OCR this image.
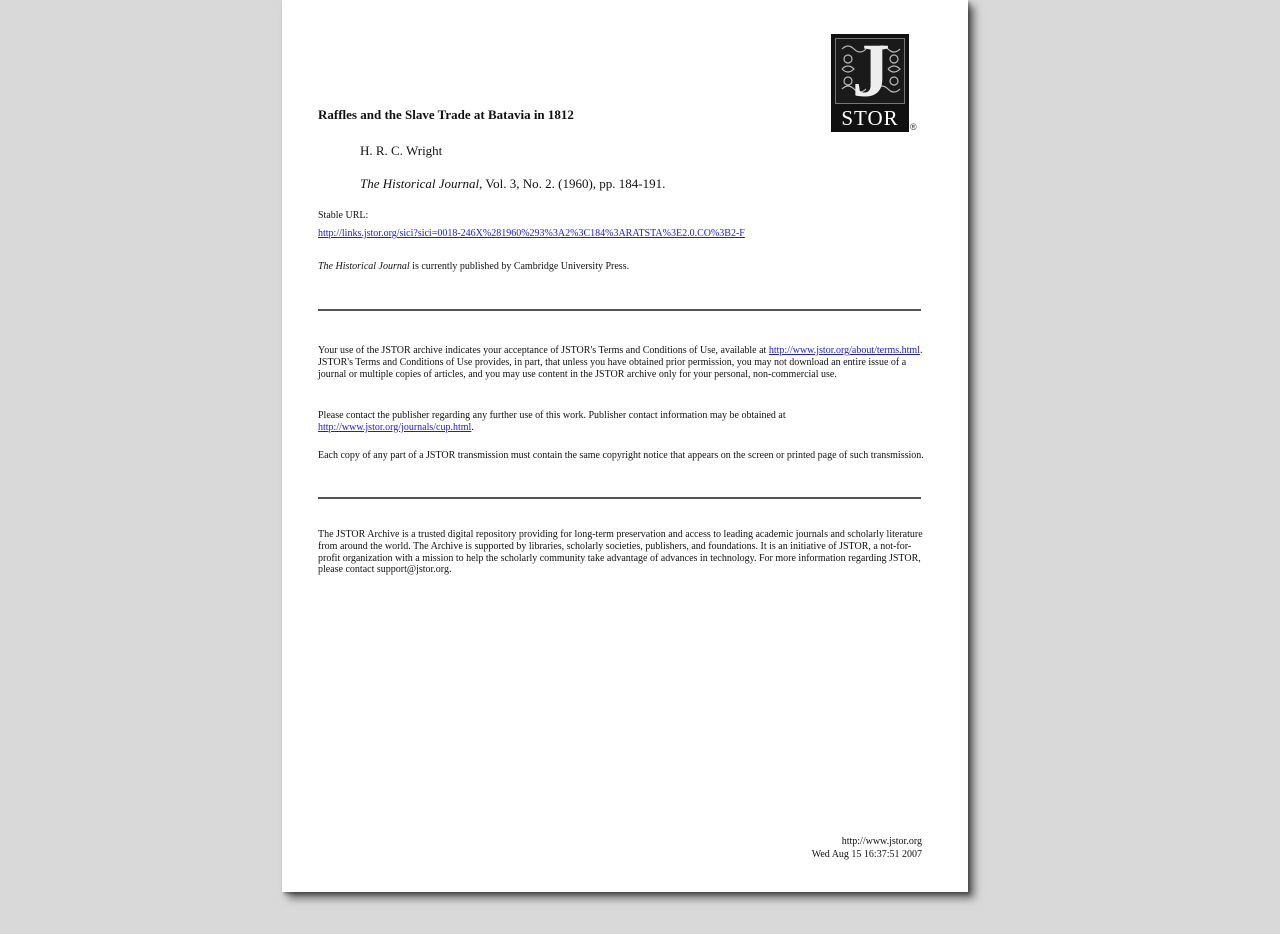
J
STOR	®
Raffles and the Slave Trade at Batavia in 1812
H. R. C. Wright
The Historical Journal, Vol. 3, No. 2. (1960), pp. 184-191.
Stable URL:
http://links.jstor.org/sici?sici=0018-246X%281960%293%3A2%3C184%3ARATSTA%3E2.0.CO%3B2-F
The Historical Journal is currently published by Cambridge University Press.
Your use of the JSTOR archive indicates your acceptance of JSTOR's Terms and Conditions of Use, available at http://www.jstor.org/about/terms.html. JSTOR's Terms and Conditions of Use provides, in part, that unless you have obtained prior permission, you may not download an entire issue of a journal or multiple copies of articles, and you may use content in the JSTOR archive only for your personal, non-commercial use.
Please contact the publisher regarding any further use of this work. Publisher contact information may be obtained at http://www.jstor.org/journals/cup.html.
Each copy of any part of a JSTOR transmission must contain the same copyright notice that appears on the screen or printed page of such transmission.
The JSTOR Archive is a trusted digital repository providing for long-term preservation and access to leading academic journals and scholarly literature from around the world. The Archive is supported by libraries, scholarly societies, publishers, and foundations. It is an initiative of JSTOR, a not-for-profit organization with a mission to help the scholarly community take advantage of advances in technology. For more information regarding JSTOR, please contact support@jstor.org.
http://www.jstor.org
Wed Aug 15 16:37:51 2007
